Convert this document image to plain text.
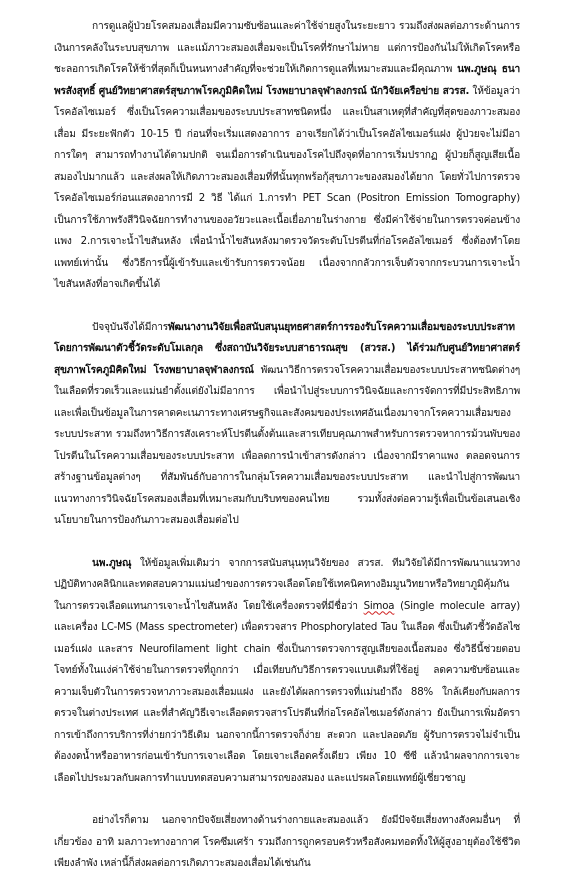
การดูแลผู้ป่วยโรคสมองเสื่อมมีความซับซ้อนและค่าใช้จ่ายสูงในระยะยาว รวมถึงส่งผลต่อภาระด้านการเงินการคลังในระบบสุขภาพ และแม้ภาวะสมองเสื่อมจะเป็นโรคที่รักษาไม่หาย แต่การป้องกันไม่ให้เกิดโรคหรือชะลอการเกิดโรคให้ช้าที่สุดก็เป็นหนทางสำคัญที่จะช่วยให้เกิดการดูแลที่เหมาะสมและมีคุณภาพ นพ.ภูษณุ ธนาพรสังสุทธิ์ ศูนย์วิทยาศาสตร์สุขภาพโรคภูมิคิดใหม่ โรงพยาบาลจุฬาลงกรณ์ นักวิจัยเครือข่าย สวรส. ให้ข้อมูลว่า โรคอัลไซเมอร์ ซึ่งเป็นโรคความเสื่อมของระบบประสาทชนิดหนึ่ง และเป็นสาเหตุที่สำคัญที่สุดของภาวะสมองเสื่อม มีระยะฟักตัว 10-15 ปี ก่อนที่จะเริ่มแสดงอาการ อาจเรียกได้ว่าเป็นโรคอัลไซเมอร์แฝง ผู้ป่วยจะไม่มีอาการใดๆ สามารถทำงานได้ตามปกติ จนเมื่อการดำเนินของโรคไปถึงจุดที่อาการเริ่มปรากฏ ผู้ป่วยก็สูญเสียเนื้อสมองไปมากแล้ว และส่งผลให้เกิดภาวะสมองเสื่อมที่ทีนั้นทุกพร้อกุ้สุขภาวะของสมองได้ยาก โดยทั่วไปการตรวจโรคอัลไซเมอร์ก่อนแสดงอาการมี 2 วิธี ได้แก่ 1.การทำ PET Scan (Positron Emission Tomography) เป็นการใช้ภาพรังสีวินิจฉัยการทำงานของอวัยวะและเนื้อเยื่อภายในร่างกาย ซึ่งมีค่าใช้จ่ายในการตรวจค่อนข้างแพง 2.การเจาะน้ำไขสันหลัง เพื่อนำน้ำไขสันหลังมาตรวจวัดระดับโปรตีนที่ก่อโรคอัลไซเมอร์ ซึ่งต้องทำโดยแพทย์เท่านั้น ซึ่งวิธีการนี้ผู้เข้ารับและเข้ารับการตรวจน้อย เนื่องจากกลัวการเจ็บตัวจากกระบวนการเจาะน้ำไขสันหลังที่อาจเกิดขึ้นได้

ปัจจุบันจึงได้มีการพัฒนางานวิจัยเพื่อสนับสนุนยุทธศาสตร์การรองรับโรคความเสื่อมของระบบประสาท โดยการพัฒนาตัวชี้วัดระดับโมเลกุล ซึ่งสถาบันวิจัยระบบสาธารณสุข (สวรส.) ได้ร่วมกับศูนย์วิทยาศาสตร์สุขภาพโรคภูมิคิดใหม่ โรงพยาบาลจุฬาลงกรณ์ พัฒนาวิธีการตรวจโรคความเสื่อมของระบบประสาทชนิดต่างๆ ในเลือดที่รวดเร็วและแม่นยำตั้งแต่ยังไม่มีอาการ เพื่อนำไปสู่ระบบการวินิจฉัยและการจัดการที่มีประสิทธิภาพ และเพื่อเป็นข้อมูลในการคาดคะเนภาระทางเศรษฐกิจและสังคมของประเทศอันเนื่องมาจากโรคความเสื่อมของระบบประสาท รวมถึงหาวิธีการสังเคราะห์โปรตีนตั้งต้นและสารเทียบคุณภาพสำหรับการตรวจหาการม้วนพับของโปรตีนในโรคความเสื่อมของระบบประสาท เพื่อลดการนำเข้าสารดังกล่าว เนื่องจากมีราคาแพง ตลอดจนการสร้างฐานข้อมูลต่างๆ ที่สัมพันธ์กับอาการในกลุ่มโรคความเสื่อมของระบบประสาท และนำไปสู่การพัฒนาแนวทางการวินิจฉัยโรคสมองเสื่อมที่เหมาะสมกับบริบทของคนไทย รวมทั้งส่งต่อความรู้เพื่อเป็นข้อเสนอเชิงนโยบายในการป้องกันภาวะสมองเสื่อมต่อไป

นพ.ภูษณุ ให้ข้อมูลเพิ่มเติมว่า จากการสนับสนุนทุนวิจัยของ สวรส. ทีมวิจัยได้มีการพัฒนาแนวทางปฏิบัติทางคลินิกและทดสอบความแม่นยำของการตรวจเลือดโดยใช้เทคนิคทางอิมมูนวิทยาหรือวิทยาภูมิคุ้มกันในการตรวจเลือดแทนการเจาะน้ำไขสันหลัง โดยใช้เครื่องตรวจที่มีชื่อว่า Simoa (Single molecule array) และเครื่อง LC-MS (Mass spectrometer) เพื่อตรวจสาร Phosphorylated Tau ในเลือด ซึ่งเป็นตัวชี้วัดอัลไซเมอร์แฝง และสาร Neurofilament light chain ซึ่งเป็นการตรวจการสูญเสียของเนื้อสมอง ซึ่งวิธีนี้ช่วยตอบโจทย์ทั้งในแง่ค่าใช้จ่ายในการตรวจที่ถูกกว่า เมื่อเทียบกับวิธีการตรวจแบบเดิมที่ใช้อยู่ ลดความซับซ้อนและความเจ็บตัวในการตรวจหาภาวะสมองเสื่อมแฝง และยังได้ผลการตรวจที่แม่นยำถึง 88% ใกล้เคียงกับผลการตรวจในต่างประเทศ และที่สำคัญวิธีเจาะเลือดตรวจสารโปรตีนที่ก่อโรคอัลไซเมอร์ดังกล่าว ยังเป็นการเพิ่มอัตราการเข้าถึงการบริการที่ง่ายกว่าวิธีเดิม นอกจากนี้การตรวจก็ง่าย สะดวก และปลอดภัย ผู้รับการตรวจไม่จำเป็นต้องงดน้ำหรืออาหารก่อนเข้ารับการเจาะเลือด โดยเจาะเลือดครั้งเดียว เพียง 10 ซีซี แล้วนำผลจากการเจาะเลือดไปประมวลกับผลการทำแบบทดสอบความสามารถของสมอง และแปรผลโดยแพทย์ผู้เชี่ยวชาญ

อย่างไรก็ตาม นอกจากปัจจัยเสี่ยงทางด้านร่างกายและสมองแล้ว ยังมีปัจจัยเสี่ยงทางสังคมอื่นๆ ที่เกี่ยวข้อง อาทิ มลภาวะทางอากาศ โรคซึมเศร้า รวมถึงการถูกครอบครัวหรือสังคมทอดทิ้งให้ผู้สูงอายุต้องใช้ชีวิตเพียงลำพัง เหล่านี้ก็ส่งผลต่อการเกิดภาวะสมองเสื่อมได้เช่นกัน
